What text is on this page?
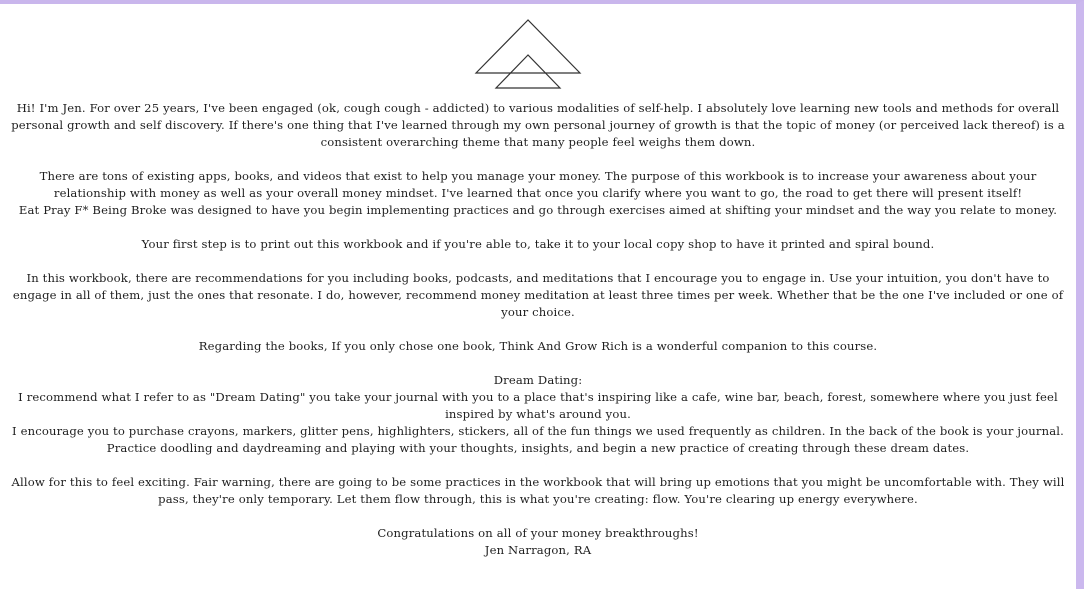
Hi! I'm Jen. For over 25 years, I've been engaged (ok, cough cough - addicted) to various modalities of self-help. I absolutely love learning new tools and methods for overall personal growth and self discovery. If there's one thing that I've learned through my own personal journey of growth is that the topic of money (or perceived lack thereof) is a consistent overarching theme that many people feel weighs them down.

There are tons of existing apps, books, and videos that exist to help you manage your money. The purpose of this workbook is to increase your awareness about your relationship with money as well as your overall money mindset. I've learned that once you clarify where you want to go, the road to get there will present itself!
Eat Pray F* Being Broke was designed to have you begin implementing practices and go through exercises aimed at shifting your mindset and the way you relate to money.

Your first step is to print out this workbook and if you're able to, take it to your local copy shop to have it printed and spiral bound.

In this workbook, there are recommendations for you including books, podcasts, and meditations that I encourage you to engage in. Use your intuition, you don't have to engage in all of them, just the ones that resonate. I do, however, recommend money meditation at least three times per week. Whether that be the one I've included or one of your choice.

Regarding the books, If you only chose one book, Think And Grow Rich is a wonderful companion to this course.

Dream Dating:
I recommend what I refer to as "Dream Dating" you take your journal with you to a place that's inspiring like a cafe, wine bar, beach, forest, somewhere where you just feel inspired by what's around you.
I encourage you to purchase crayons, markers, glitter pens, highlighters, stickers, all of the fun things we used frequently as children. In the back of the book is your journal. Practice doodling and daydreaming and playing with your thoughts, insights, and begin a new practice of creating through these dream dates.

Allow for this to feel exciting. Fair warning, there are going to be some practices in the workbook that will bring up emotions that you might be uncomfortable with. They will pass, they're only temporary. Let them flow through, this is what you're creating: flow. You're clearing up energy everywhere.

Congratulations on all of your money breakthroughs!
Jen Narragon, RA
